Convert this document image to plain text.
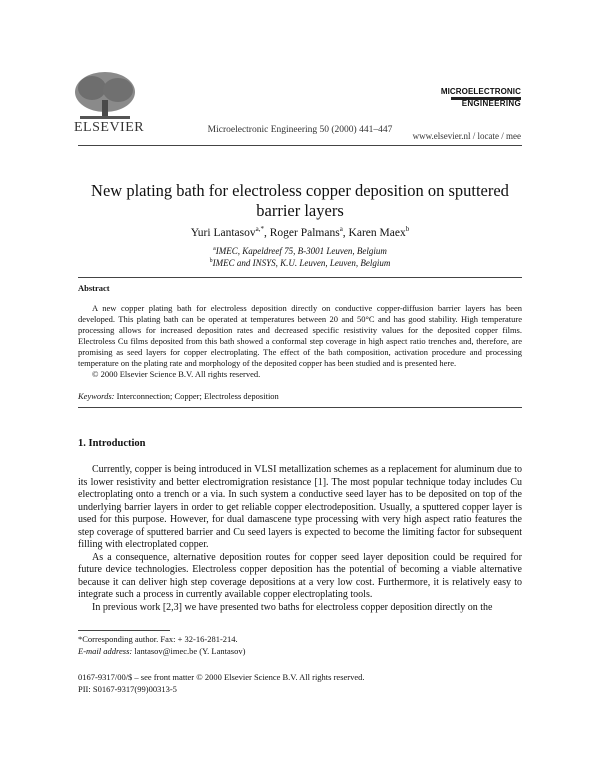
ELSEVIER	Microelectronic Engineering 50 (2000) 441–447
MICROELECTRONIC
ENGINEERING
www.elsevier.nl / locate / mee
New plating bath for electroless copper deposition on sputtered barrier layers
Yuri Lantasov$^{a,*}$, Roger Palmans$^a$, Karen Maex$^b$
$^a$IMEC, Kapeldreef 75, B-3001 Leuven, Belgium
$^b$IMEC and INSYS, K.U. Leuven, Leuven, Belgium
Abstract
A new copper plating bath for electroless deposition directly on conductive copper-diffusion barrier layers has been developed. This plating bath can be operated at temperatures between 20 and 50°C and has good stability. High temperature processing allows for increased deposition rates and decreased specific resistivity values for the deposited copper films. Electroless Cu films deposited from this bath showed a conformal step coverage in high aspect ratio trenches and, therefore, are promising as seed layers for copper electroplating. The effect of the bath composition, activation procedure and processing temperature on the plating rate and morphology of the deposited copper has been studied and is presented here.
© 2000 Elsevier Science B.V. All rights reserved.
Keywords: Interconnection; Copper; Electroless deposition
1. Introduction

Currently, copper is being introduced in VLSI metallization schemes as a replacement for aluminum due to its lower resistivity and better electromigration resistance [1]. The most popular technique today includes Cu electroplating onto a trench or a via. In such system a conductive seed layer has to be deposited on top of the underlying barrier layers in order to get reliable copper electrodeposition. Usually, a sputtered copper layer is used for this purpose. However, for dual damascene type processing with very high aspect ratio features the step coverage of sputtered barrier and Cu seed layers is expected to become the limiting factor for subsequent filling with electroplated copper.

As a consequence, alternative deposition routes for copper seed layer deposition could be required for future device technologies. Electroless copper deposition has the potential of becoming a viable alternative because it can deliver high step coverage depositions at a very low cost. Furthermore, it is relatively easy to integrate such a process in currently available copper electroplating tools.

In previous work [2,3] we have presented two baths for electroless copper deposition directly on the

*Corresponding author. Fax: + 32-16-281-214.
E-mail address: lantasov@imec.be (Y. Lantasov)
0167-9317/00/$ – see front matter © 2000 Elsevier Science B.V. All rights reserved.
PII: S0167-9317(99)00313-5
